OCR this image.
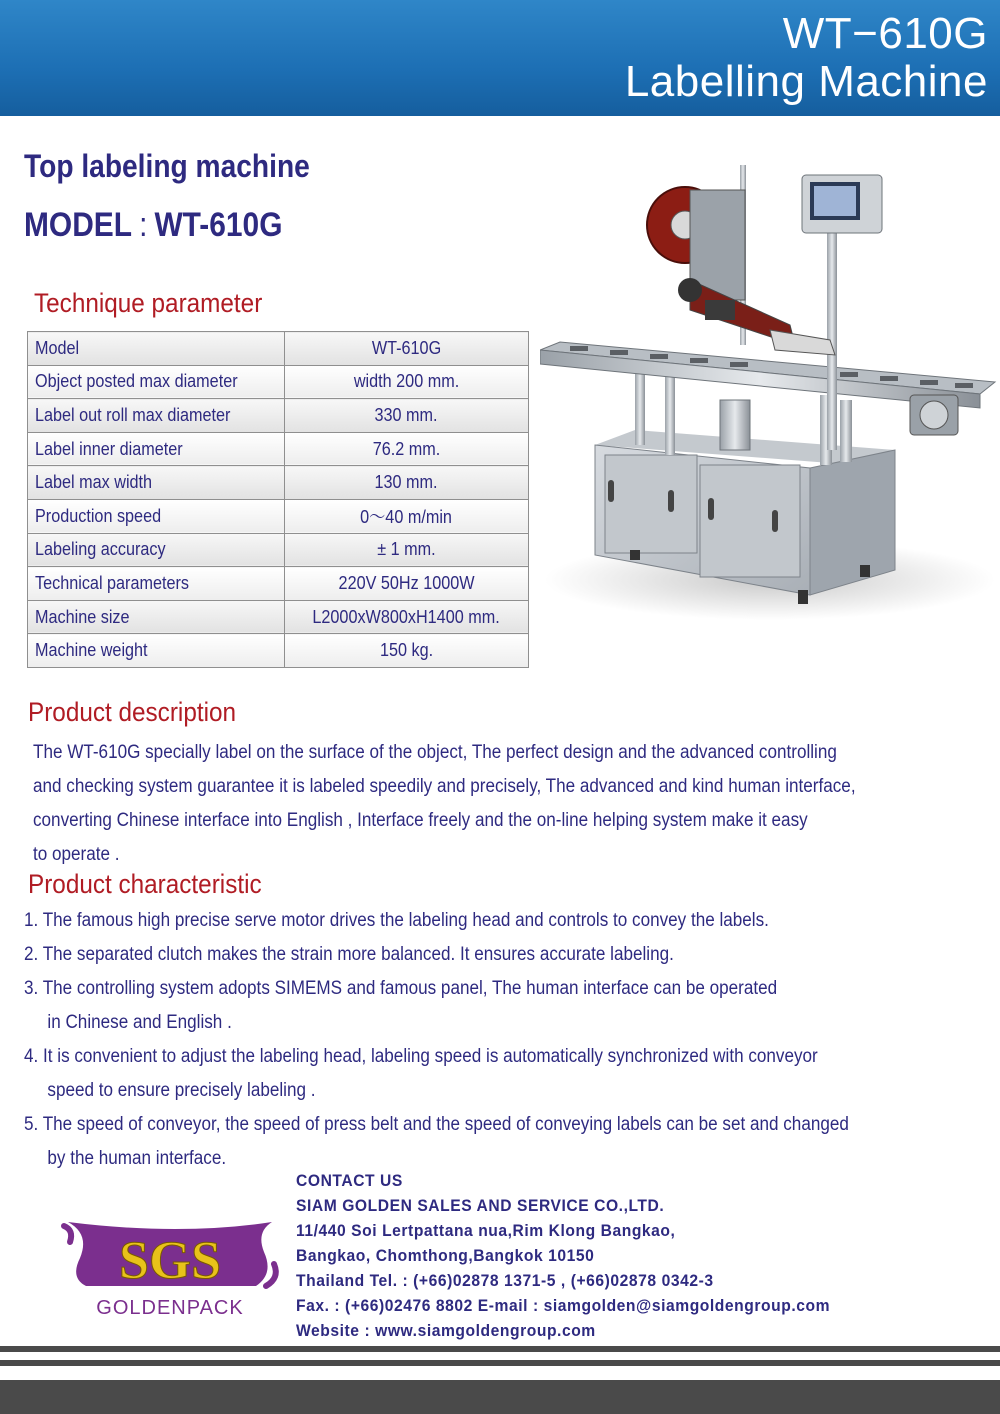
WT−610G
Labelling Machine
Top labeling machine
MODEL : WT-610G
Technique parameter
Model	WT-610G
Object posted max diameter	width 200 mm.
Label out roll max diameter	330 mm.
Label inner diameter	76.2 mm.
Label max width	130 mm.
Production speed	0～40 m/min
Labeling accuracy	± 1 mm.
Technical parameters	220V 50Hz 1000W
Machine size	L2000xW800xH1400 mm.
Machine weight	150 kg.
Product description
The WT-610G specially label on the surface of the object, The perfect design and the advanced controlling
and checking system guarantee it is labeled speedily and precisely, The advanced and kind human interface,
converting Chinese interface into English , Interface freely and the on-line helping system make it easy
to operate .
Product characteristic
1. The famous high precise serve motor drives the labeling head and controls to convey the labels.
2. The separated clutch makes the strain more balanced. It ensures accurate labeling.
3. The controlling system adopts SIMEMS and famous panel, The human interface can be operated
in Chinese and English .
4. It is convenient to adjust the labeling head, labeling speed is automatically synchronized with conveyor
speed to ensure precisely labeling .
5. The speed of conveyor, the speed of press belt and the speed of conveying labels can be set and changed
by the human interface.
SGS
GOLDENPACK
CONTACT US
SIAM GOLDEN SALES AND SERVICE CO.,LTD.
11/440 Soi Lertpattana nua,Rim Klong Bangkao,
Bangkao, Chomthong,Bangkok 10150
Thailand Tel. : (+66)02878 1371-5 , (+66)02878 0342-3
Fax. : (+66)02476 8802 E-mail : siamgolden@siamgoldengroup.com
Website : www.siamgoldengroup.com
